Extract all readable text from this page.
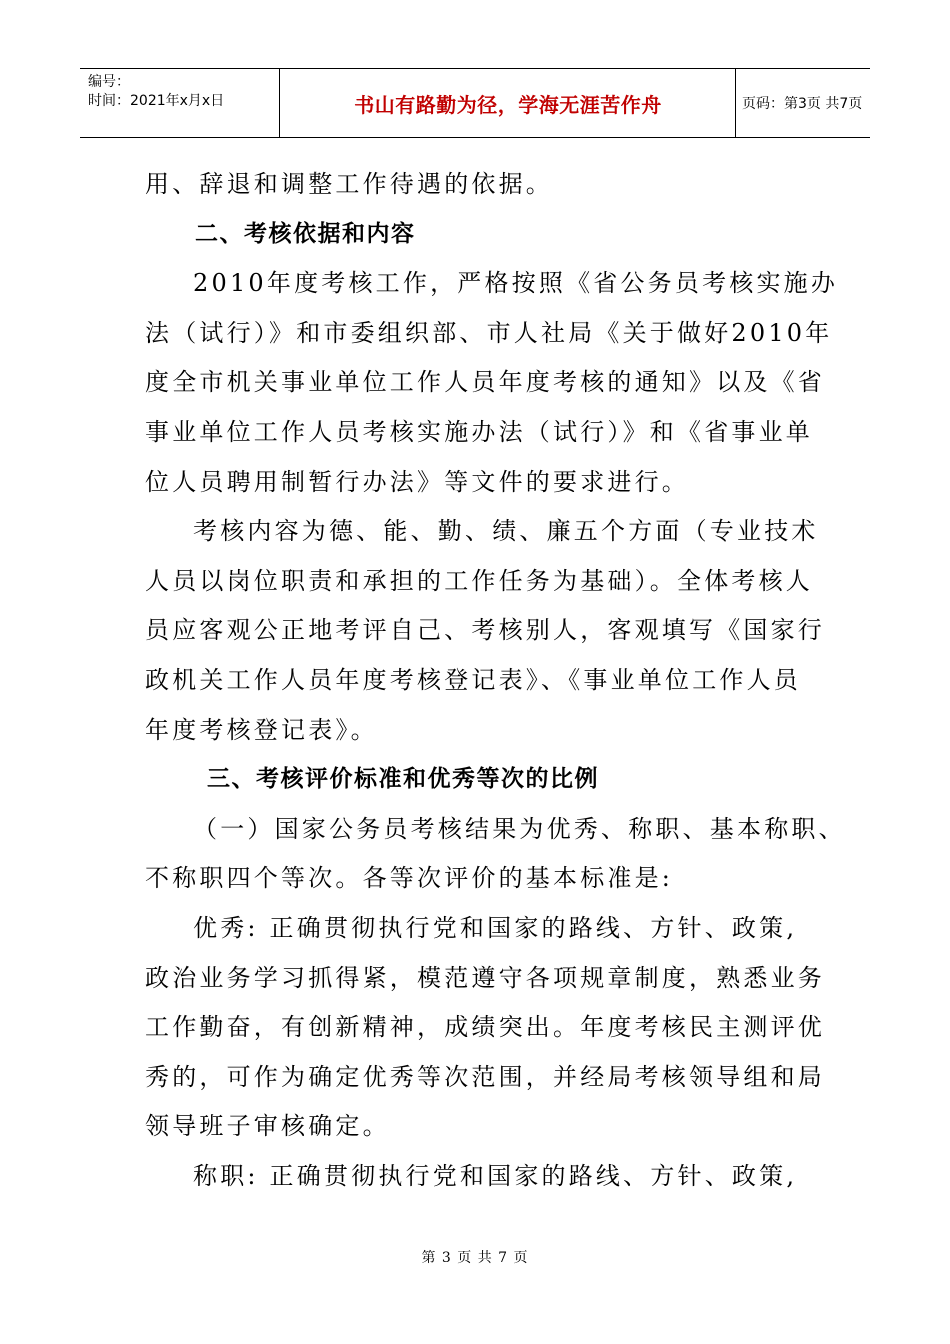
编号：
时间：2021年x月x日	书山有路勤为径，学海无涯苦作舟	页码：第3页 共7页

用、辞退和调整工作待遇的依据。

二、考核依据和内容

2010年度考核工作，严格按照《省公务员考核实施办

法（试行）》和市委组织部、市人社局《关于做好2010年

度全市机关事业单位工作人员年度考核的通知》以及《省

事业单位工作人员考核实施办法（试行）》和《省事业单

位人员聘用制暂行办法》等文件的要求进行。

考核内容为德、能、勤、绩、廉五个方面（专业技术

人员以岗位职责和承担的工作任务为基础）。全体考核人

员应客观公正地考评自己、考核别人，客观填写《国家行

政机关工作人员年度考核登记表》、《事业单位工作人员

年度考核登记表》。

三、考核评价标准和优秀等次的比例

（一）国家公务员考核结果为优秀、称职、基本称职、

不称职四个等次。各等次评价的基本标准是:

优秀: 正确贯彻执行党和国家的路线、方针、政策,

政治业务学习抓得紧，模范遵守各项规章制度，熟悉业务

工作勤奋，有创新精神，成绩突出。年度考核民主测评优

秀的，可作为确定优秀等次范围，并经局考核领导组和局

领导班子审核确定。

称职: 正确贯彻执行党和国家的路线、方针、政策,

第 3 页 共 7 页
